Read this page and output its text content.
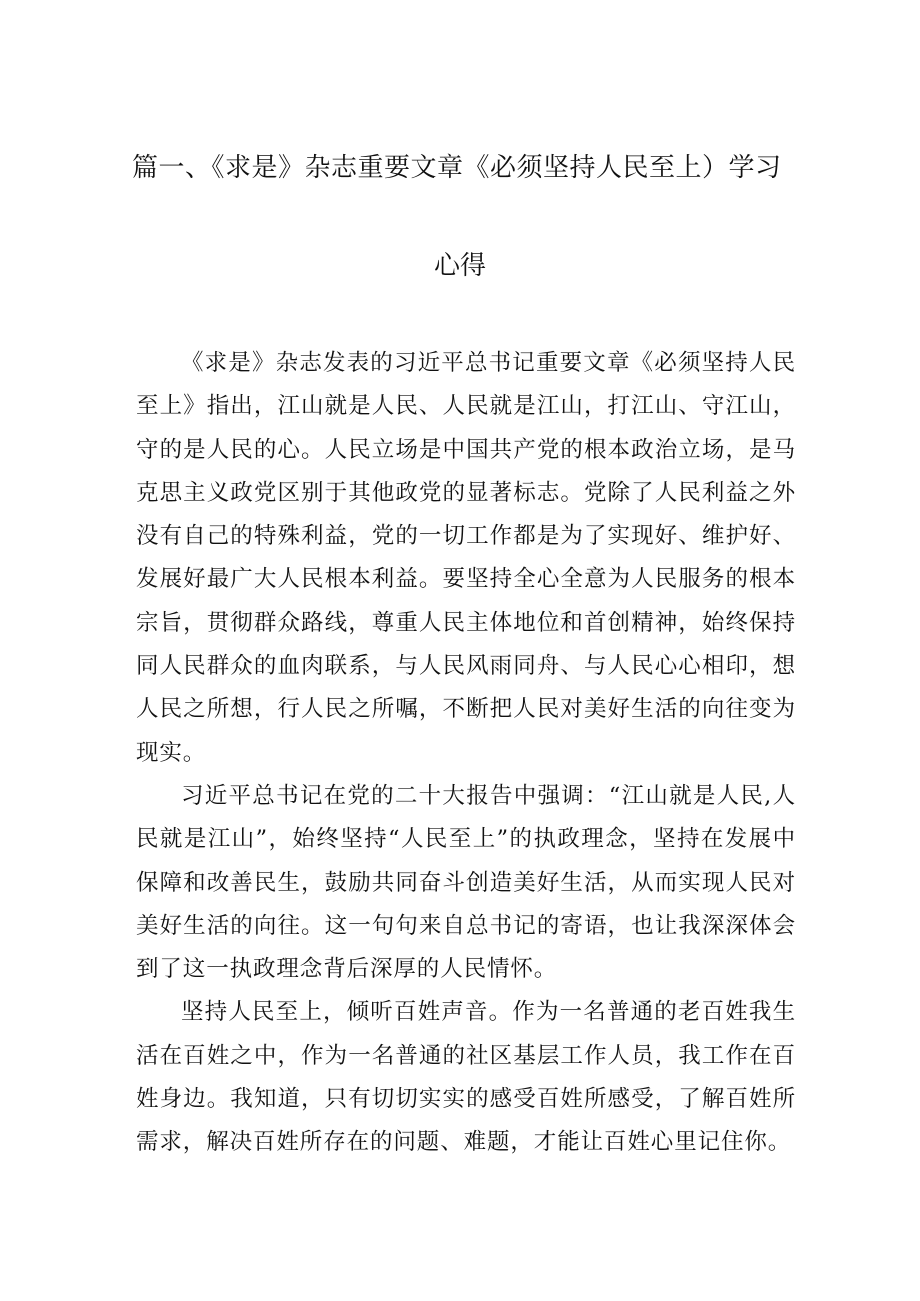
篇一、《求是》杂志重要文章《必须坚持人民至上）学习
心得

《求是》杂志发表的习近平总书记重要文章《必须坚持人民至上》指出，江山就是人民、人民就是江山，打江山、守江山，守的是人民的心。人民立场是中国共产党的根本政治立场，是马克思主义政党区别于其他政党的显著标志。党除了人民利益之外没有自己的特殊利益，党的一切工作都是为了实现好、维护好、发展好最广大人民根本利益。要坚持全心全意为人民服务的根本宗旨，贯彻群众路线，尊重人民主体地位和首创精神，始终保持同人民群众的血肉联系，与人民风雨同舟、与人民心心相印，想人民之所想，行人民之所嘱，不断把人民对美好生活的向往变为现实。

习近平总书记在党的二十大报告中强调：“江山就是人民,人民就是江山”，始终坚持“人民至上”的执政理念，坚持在发展中保障和改善民生，鼓励共同奋斗创造美好生活，从而实现人民对美好生活的向往。这一句句来自总书记的寄语，也让我深深体会到了这一执政理念背后深厚的人民情怀。

坚持人民至上，倾听百姓声音。作为一名普通的老百姓我生活在百姓之中，作为一名普通的社区基层工作人员，我工作在百姓身边。我知道，只有切切实实的感受百姓所感受，了解百姓所需求，解决百姓所存在的问题、难题，才能让百姓心里记住你。
